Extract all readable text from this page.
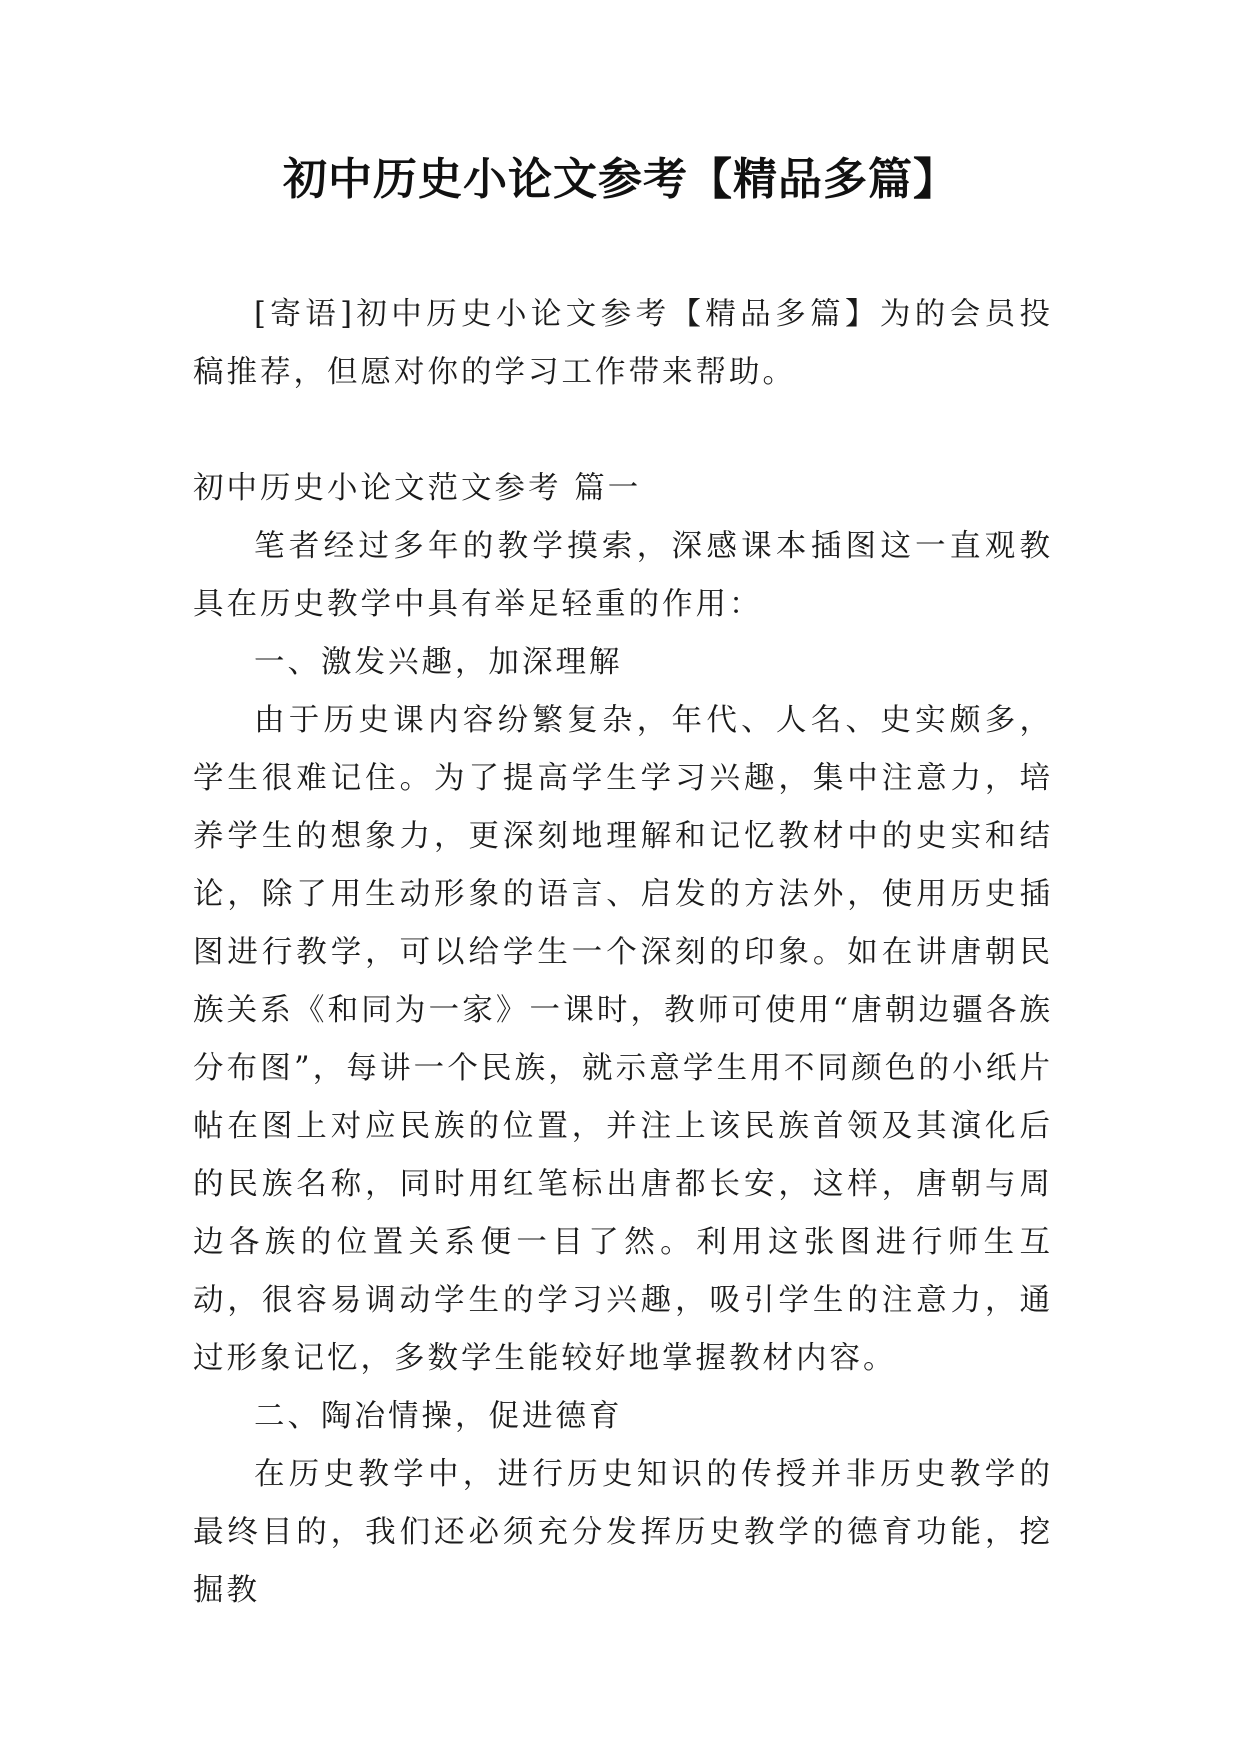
初中历史小论文参考【精品多篇】

[寄语]初中历史小论文参考【精品多篇】为的会员投稿推荐，但愿对你的学习工作带来帮助。

初中历史小论文范文参考 篇一

笔者经过多年的教学摸索，深感课本插图这一直观教具在历史教学中具有举足轻重的作用：

一、激发兴趣，加深理解

由于历史课内容纷繁复杂，年代、人名、史实颇多，学生很难记住。为了提高学生学习兴趣，集中注意力，培养学生的想象力，更深刻地理解和记忆教材中的史实和结论，除了用生动形象的语言、启发的方法外，使用历史插图进行教学，可以给学生一个深刻的印象。如在讲唐朝民族关系《和同为一家》一课时，教师可使用“唐朝边疆各族分布图”，每讲一个民族，就示意学生用不同颜色的小纸片帖在图上对应民族的位置，并注上该民族首领及其演化后的民族名称，同时用红笔标出唐都长安，这样，唐朝与周边各族的位置关系便一目了然。利用这张图进行师生互动，很容易调动学生的学习兴趣，吸引学生的注意力，通过形象记忆，多数学生能较好地掌握教材内容。

二、陶冶情操，促进德育

在历史教学中，进行历史知识的传授并非历史教学的最终目的，我们还必须充分发挥历史教学的德育功能，挖掘教
